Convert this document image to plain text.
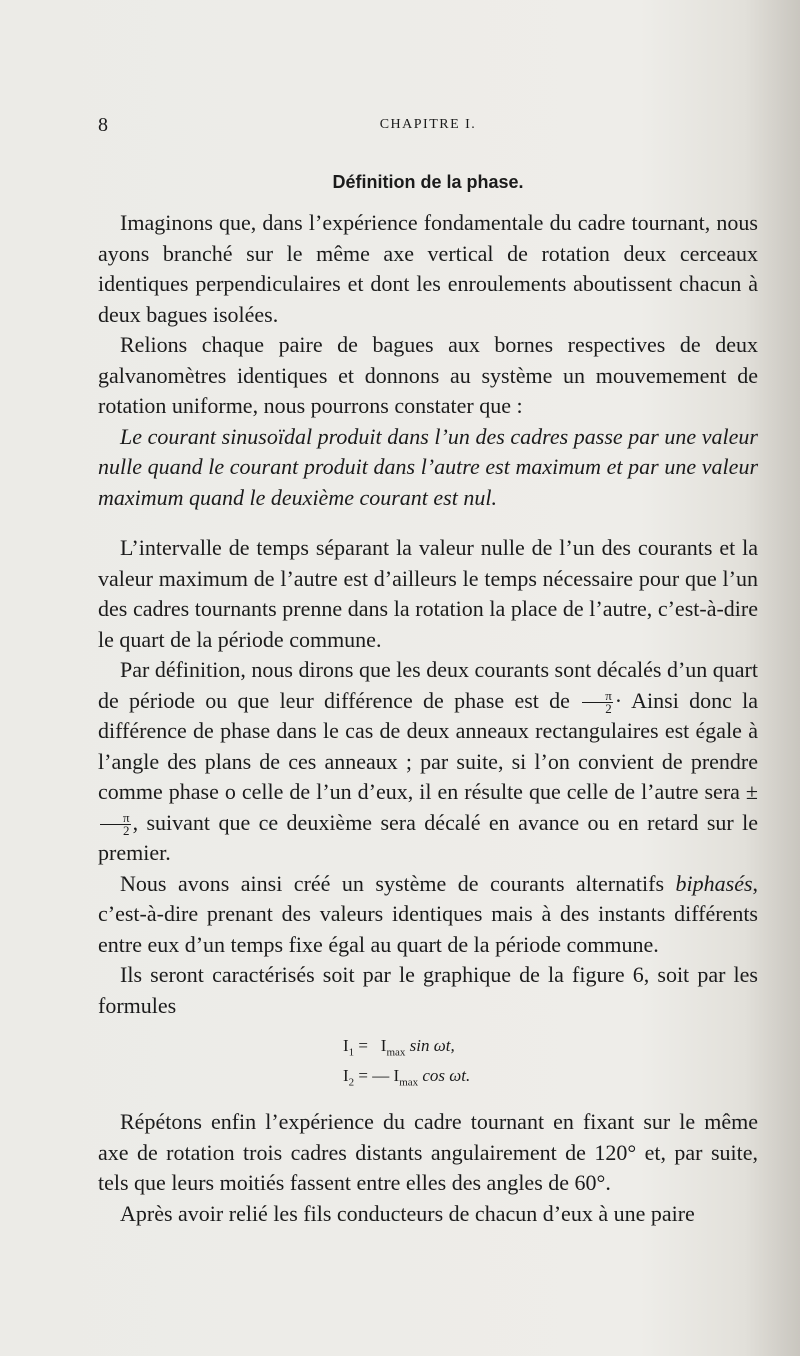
8	CHAPITRE I.
Définition de la phase.

Imaginons que, dans l’expérience fondamentale du cadre tournant, nous ayons branché sur le même axe vertical de rotation deux cerceaux identiques perpendiculaires et dont les enroulements aboutissent chacun à deux bagues isolées.

Relions chaque paire de bagues aux bornes respectives de deux galvanomètres identiques et donnons au système un mouvemement de rotation uniforme, nous pourrons constater que :

Le courant sinusoïdal produit dans l’un des cadres passe par une valeur nulle quand le courant produit dans l’autre est maximum et par une valeur maximum quand le deuxième courant est nul.

L’intervalle de temps séparant la valeur nulle de l’un des courants et la valeur maximum de l’autre est d’ailleurs le temps nécessaire pour que l’un des cadres tournants prenne dans la rotation la place de l’autre, c’est-à-dire le quart de la période commune.

Par définition, nous dirons que les deux courants sont décalés d’un quart de période ou que leur différence de phase est de $\frac{\pi}{2}$ · Ainsi donc la différence de phase dans le cas de deux anneaux rectangulaires est égale à l’angle des plans de ces anneaux ; par suite, si l’on convient de prendre comme phase o celle de l’un d’eux, il en résulte que celle de l’autre sera ±
$\frac{\pi}{2}$ , suivant que ce deuxième sera décalé en avance ou en retard sur le premier.

Nous avons ainsi créé un système de courants alternatifs biphasés, c’est-à-dire prenant des valeurs identiques mais à des instants différents entre eux d’un temps fixe égal au quart de la période commune.

Ils seront caractérisés soit par le graphique de la figure 6, soit par les formules

$I_1 = I_{max}$ sin ωt,
$I_2$ = — $I_{max}$ cos ωt.

Répétons enfin l’expérience du cadre tournant en fixant sur le même axe de rotation trois cadres distants angulairement de 120° et, par suite, tels que leurs moitiés fassent entre elles des angles de 60°.

Après avoir relié les fils conducteurs de chacun d’eux à une paire
